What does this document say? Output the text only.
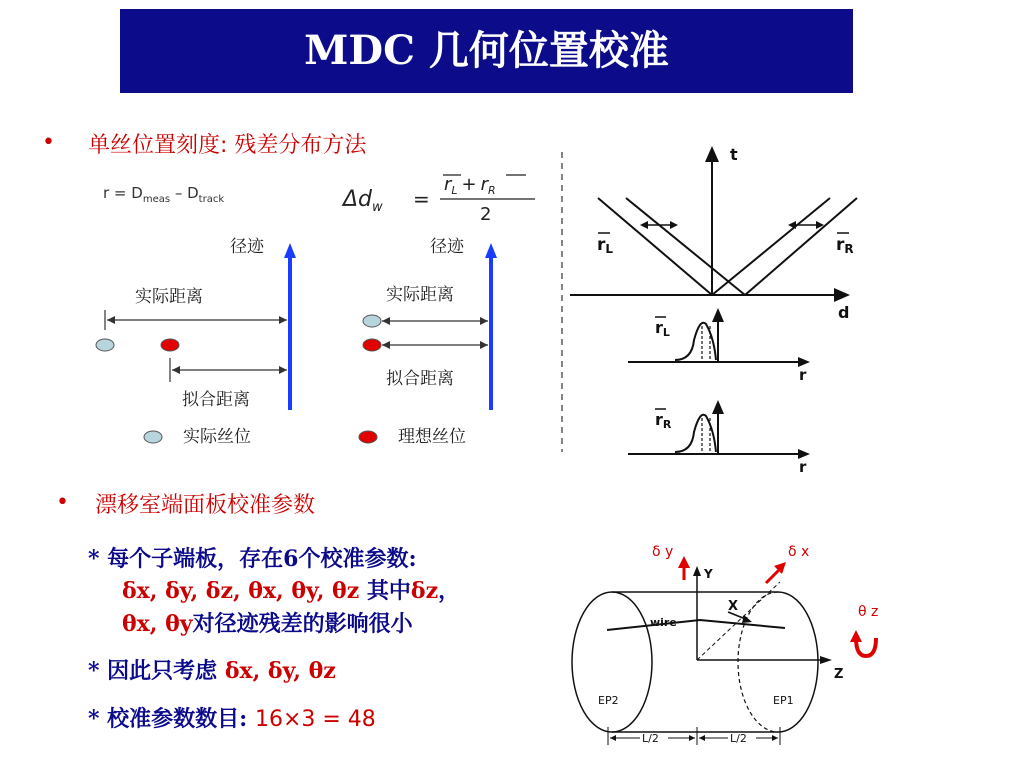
MDC 几何位置校准
• 单丝位置刻度: 残差分布方法
$r = D_{meas} - D_{track}$	$\Delta d_w$ =
$r_L + r_R$
2
径迹
实际距离
拟合距离
径迹
实际距离
拟合距离
实际丝位	理想丝位
t
d
rL	rR
r
rL
r
rR
• 漂移室端面板校准参数
* 每个子端板，存在6个校准参数:
δx, δy, δz, θx, θy, θz 其中δz，
θx, θy对径迹残差的影响很小
* 因此只考虑 δx, δy, θz
* 校准参数数目: 16×3 = 48
wire
Y
Z
X
EP2	EP1
L/2	L/2
δ y	δ x
θ z
